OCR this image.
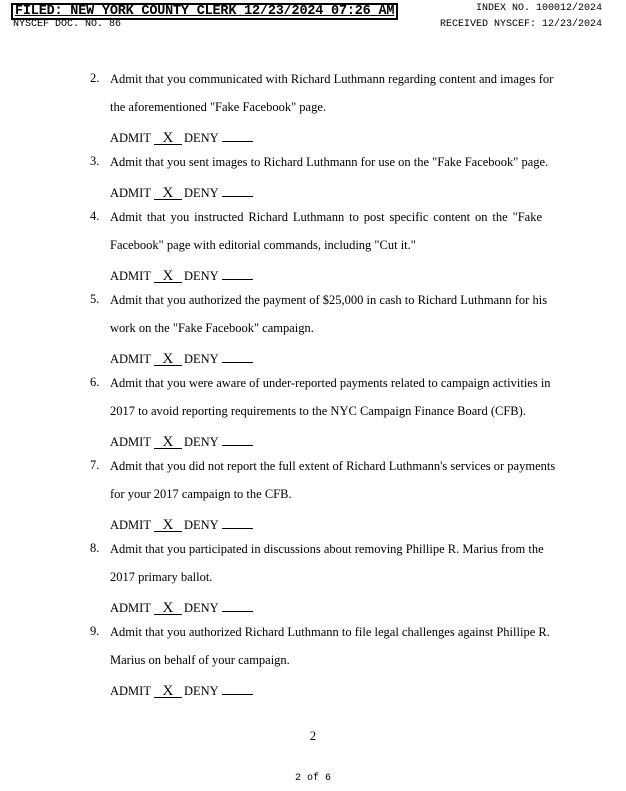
FILED: NEW YORK COUNTY CLERK 12/23/2024 07:26 AM	INDEX NO. 100012/2024
NYSCEF DOC. NO. 86	RECEIVED NYSCEF: 12/23/2024
2. Admit that you communicated with Richard Luthmann regarding content and images for
the aforementioned "Fake Facebook" page.
ADMIT X DENY
3. Admit that you sent images to Richard Luthmann for use on the "Fake Facebook" page.
ADMIT X DENY
4. Admit that you instructed Richard Luthmann to post specific content on the "Fake
Facebook" page with editorial commands, including "Cut it."
ADMIT X DENY
5. Admit that you authorized the payment of $25,000 in cash to Richard Luthmann for his
work on the "Fake Facebook" campaign.
ADMIT X DENY
6. Admit that you were aware of under-reported payments related to campaign activities in
2017 to avoid reporting requirements to the NYC Campaign Finance Board (CFB).
ADMIT X DENY
7. Admit that you did not report the full extent of Richard Luthmann's services or payments
for your 2017 campaign to the CFB.
ADMIT X DENY
8. Admit that you participated in discussions about removing Phillipe R. Marius from the
2017 primary ballot.
ADMIT X DENY
9. Admit that you authorized Richard Luthmann to file legal challenges against Phillipe R.
Marius on behalf of your campaign.
ADMIT X DENY
2
2 of 6
